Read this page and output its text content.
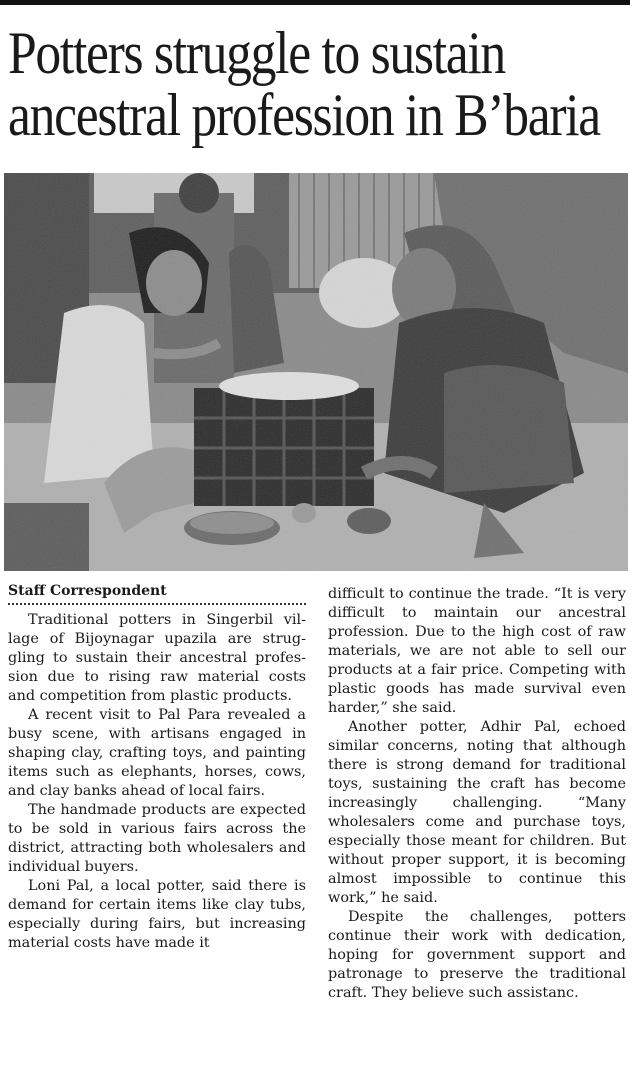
Potters struggle to sustain
ancestral profession in B’baria
Staff Correspondent

Traditional potters in Singerbil village of Bijoynagar upazila are struggling to sustain their ancestral profession due to rising raw material costs and competition from plastic products.

A recent visit to Pal Para revealed a busy scene, with artisans engaged in shaping clay, crafting toys, and painting items such as elephants, horses, cows, and clay banks ahead of local fairs.

The handmade products are expected to be sold in various fairs across the district, attracting both wholesalers and individual buyers.

Loni Pal, a local potter, said there is demand for certain items like clay tubs, especially during fairs, but increasing material costs have made it

difficult to continue the trade. “It is very difficult to maintain our ancestral profession. Due to the high cost of raw materials, we are not able to sell our products at a fair price. Competing with plastic goods has made survival even harder,” she said.

Another potter, Adhir Pal, echoed similar concerns, noting that although there is strong demand for traditional toys, sustaining the craft has become increasingly challenging. “Many wholesalers come and purchase toys, especially those meant for children. But without proper support, it is becoming almost impossible to continue this work,” he said.

Despite the challenges, potters continue their work with dedication, hoping for government support and patronage to preserve the traditional craft. They believe such assistanc.
